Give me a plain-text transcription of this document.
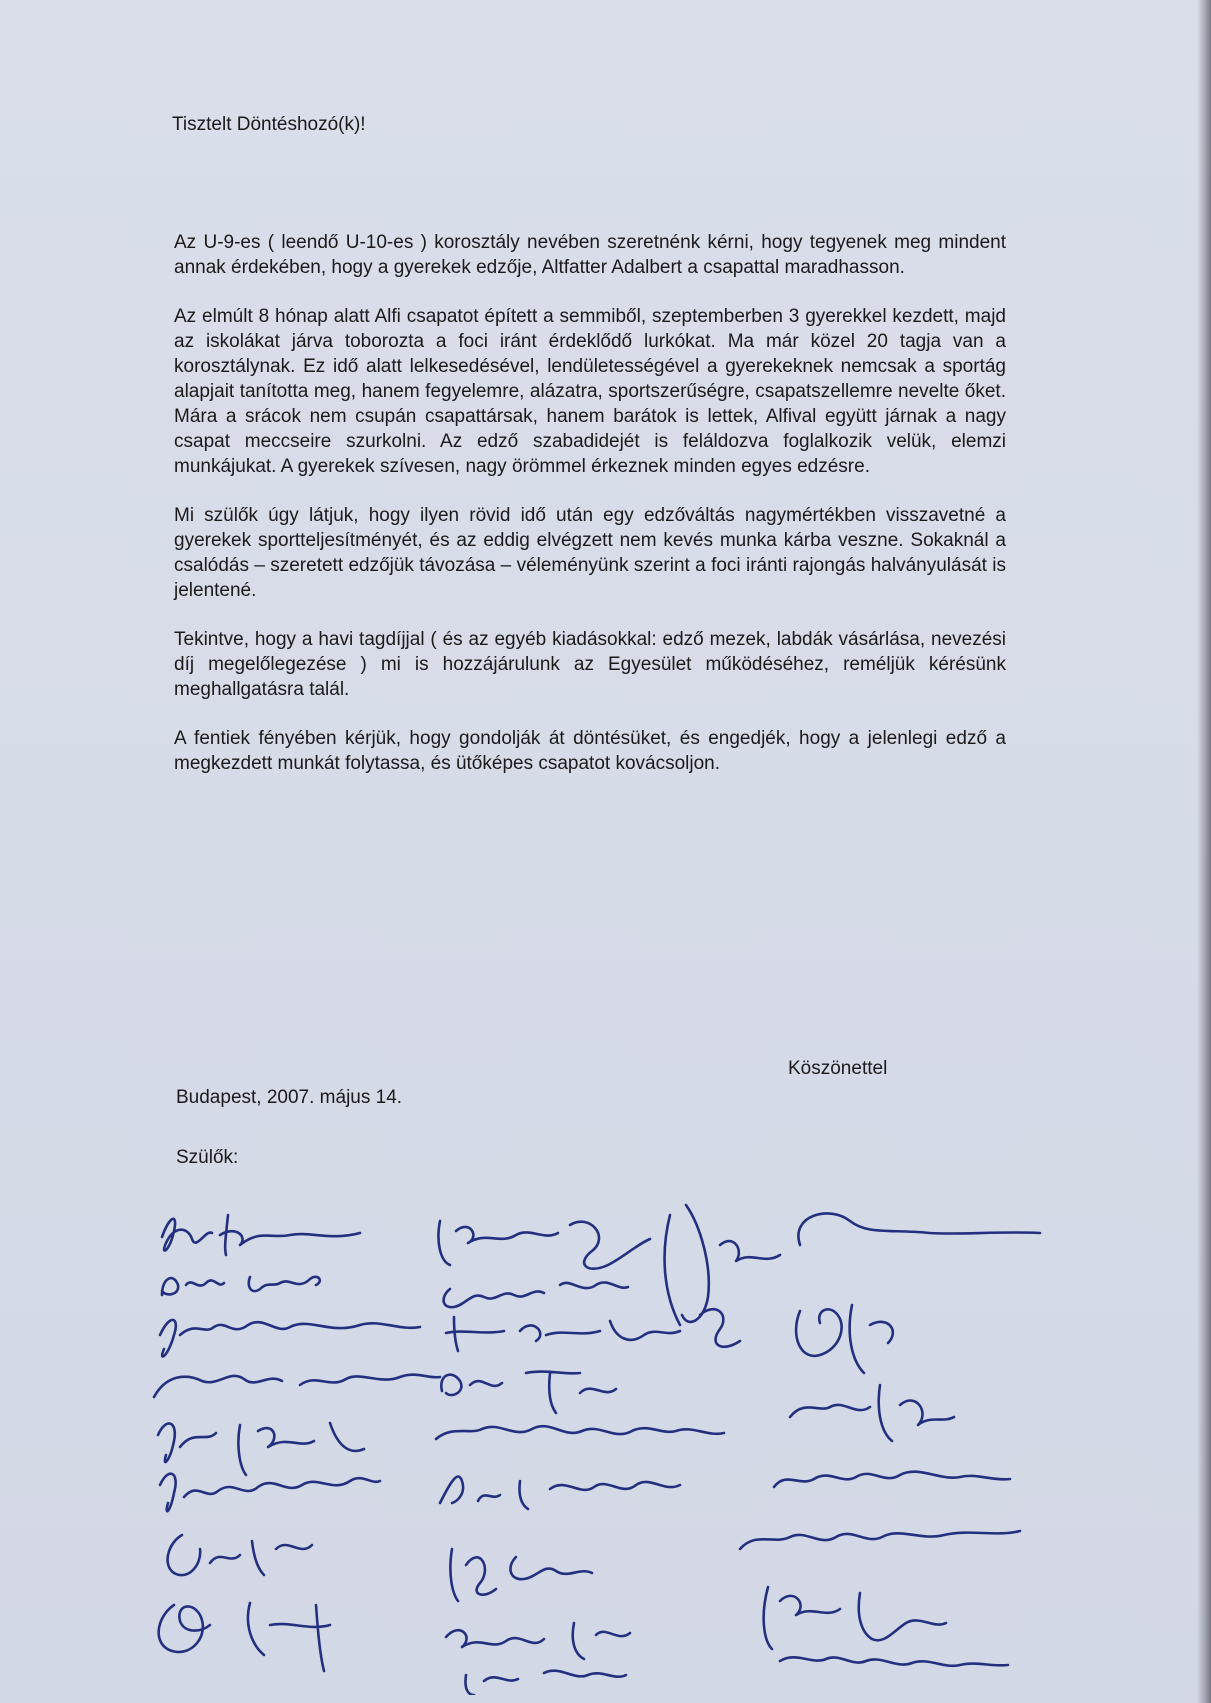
Tisztelt Döntéshozó(k)!

Az U-9-es ( leendő U-10-es ) korosztály nevében szeretnénk kérni, hogy tegyenek meg mindent annak érdekében, hogy a gyerekek edzője, Altfatter Adalbert a csapattal maradhasson.

Az elmúlt 8 hónap alatt Alfi csapatot épített a semmiből, szeptemberben 3 gyerekkel kezdett, majd az iskolákat járva toborozta a foci iránt érdeklődő lurkókat. Ma már közel 20 tagja van a korosztálynak. Ez idő alatt lelkesedésével, lendületességével a gyerekeknek nemcsak a sportág alapjait tanította meg, hanem fegyelemre, alázatra, sportszerűségre, csapatszellemre nevelte őket. Mára a srácok nem csupán csapattársak, hanem barátok is lettek, Alfival együtt járnak a nagy csapat meccseire szurkolni. Az edző szabadidejét is feláldozva foglalkozik velük, elemzi munkájukat. A gyerekek szívesen, nagy örömmel érkeznek minden egyes edzésre.

Mi szülők úgy látjuk, hogy ilyen rövid idő után egy edzőváltás nagymértékben visszavetné a gyerekek sportteljesítményét, és az eddig elvégzett nem kevés munka kárba veszne. Sokaknál a csalódás – szeretett edzőjük távozása – véleményünk szerint a foci iránti rajongás halványulását is jelentené.

Tekintve, hogy a havi tagdíjjal ( és az egyéb kiadásokkal: edző mezek, labdák vásárlása, nevezési díj megelőlegezése ) mi is hozzájárulunk az Egyesület működéséhez, reméljük kérésünk meghallgatásra talál.

A fentiek fényében kérjük, hogy gondolják át döntésüket, és engedjék, hogy a jelenlegi edző a megkezdett munkát folytassa, és ütőképes csapatot kovácsoljon.

Köszönettel
Budapest, 2007. május 14.
Szülők:
